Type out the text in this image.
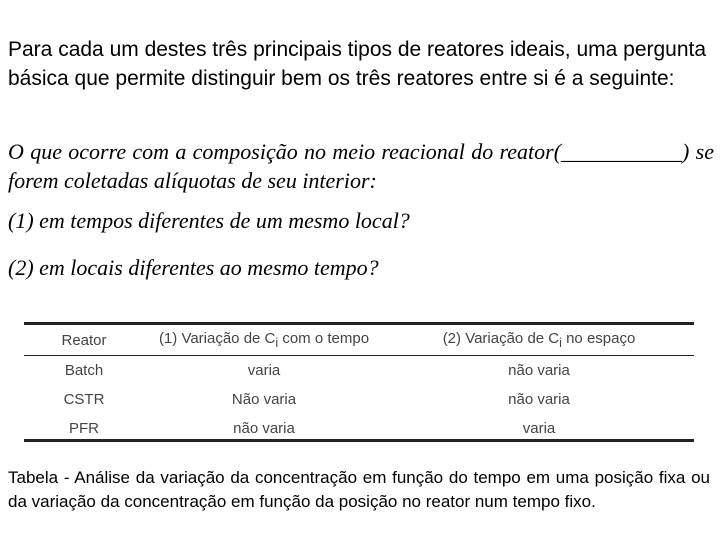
Para cada um destes três principais tipos de reatores ideais, uma pergunta básica que permite distinguir bem os três reatores entre si é a seguinte:

O que ocorre com a composição no meio reacional do reator(___________) se forem coletadas alíquotas de seu interior:

(1) em tempos diferentes de um mesmo local?

(2) em locais diferentes ao mesmo tempo?

Reator	(1) Variação de $C_i$ com o tempo	(2) Variação de $C_i$ no espaço
Batch	varia	não varia
CSTR	Não varia	não varia
PFR	não varia	varia

Tabela - Análise da variação da concentração em função do tempo em uma posição fixa ou da variação da concentração em função da posição no reator num tempo fixo.
